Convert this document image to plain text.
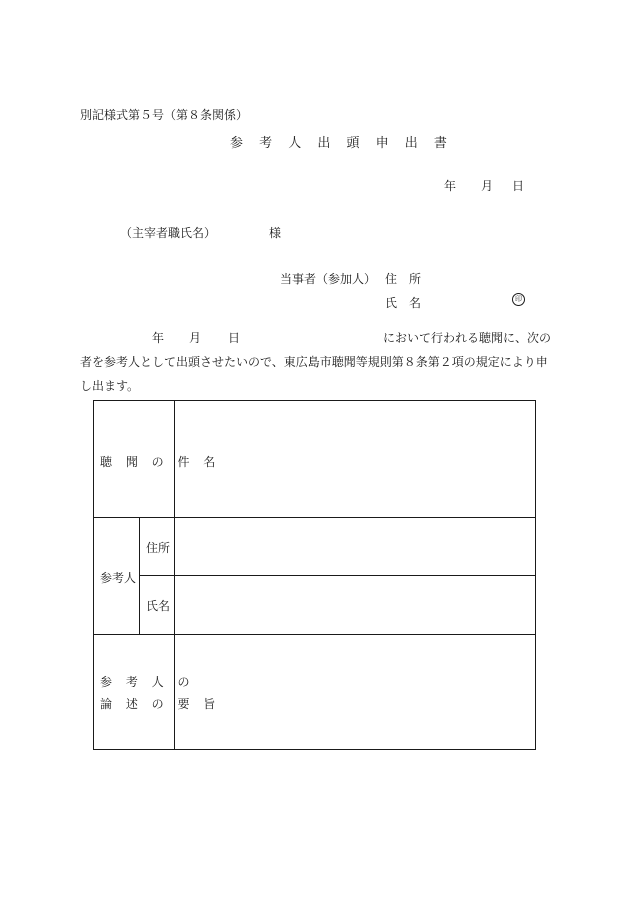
別記様式第５号（第８条関係）
参 考 人 出 頭 申 出 書
年 月 日
（主宰者職氏名）	様
当事者（参加人） 住　所
氏　名	印
年 月 日	において行われる聴聞に、次の
者を参考人として出頭させたいので、東広島市聴聞等規則第８条第２項の規定により申
し出ます。
聴 聞 の 件 名
参考人
住所
氏名
参 考 人 の
論 述 の 要 旨
